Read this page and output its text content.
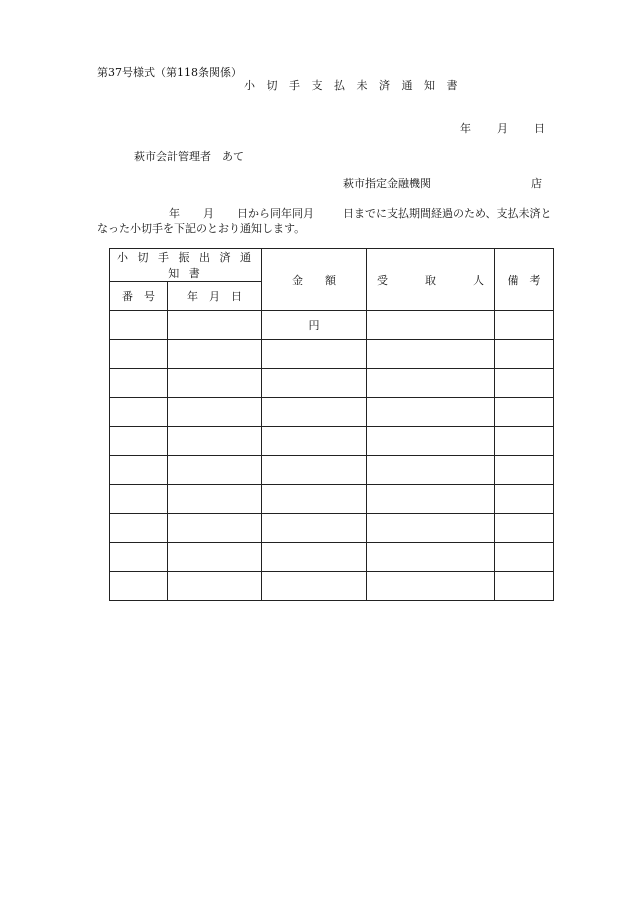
第37号様式（第118条関係）
小 切 手 支 払 未 済 通 知 書
年 月 日
萩市会計管理者　あて
萩市指定金融機関	店
年 月 日から同年同月	日までに支払期間経過のため、支払未済と
なった小切手を下記のとおり通知します。
小 切 手 振 出 済 通 知 書		金　　額	受 取 人	備　考
番　号	年　月　日			
		円		
